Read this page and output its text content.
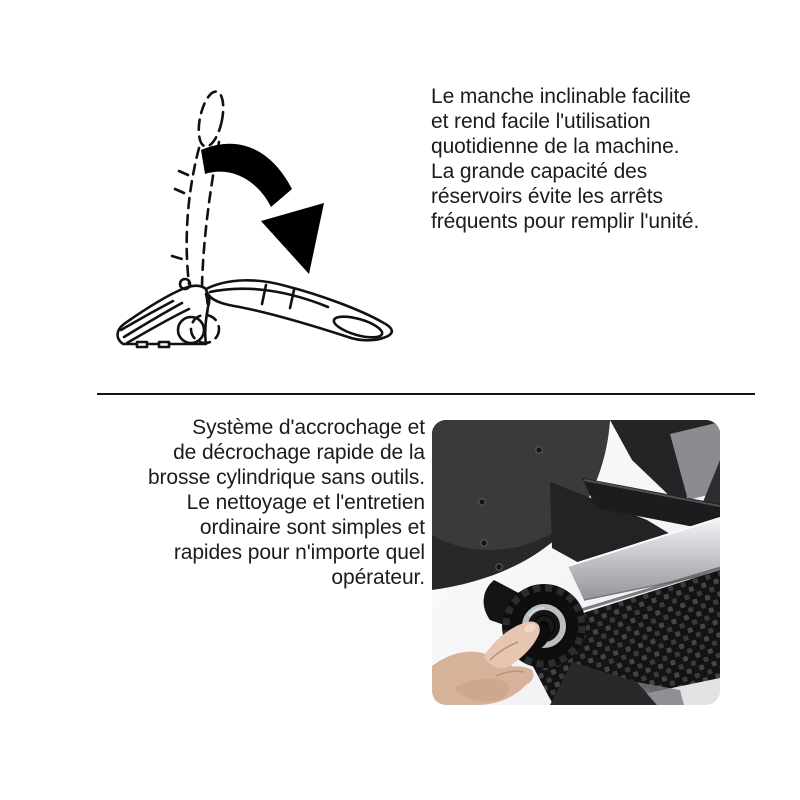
Le manche inclinable facilite
et rend facile l'utilisation
quotidienne de la machine.
La grande capacité des
réservoirs évite les arrêts
fréquents pour remplir l'unité.
Système d'accrochage et
de décrochage rapide de la
brosse cylindrique sans outils.
Le nettoyage et l'entretien
ordinaire sont simples et
rapides pour n'importe quel
opérateur.
